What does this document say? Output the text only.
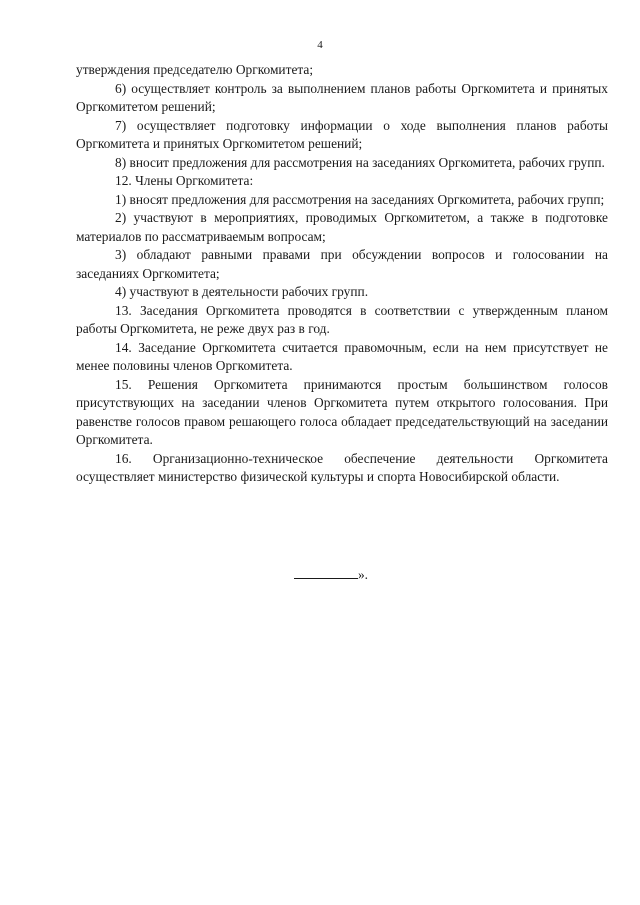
4

утверждения председателю Оргкомитета;

6) осуществляет контроль за выполнением планов работы Оргкомитета и принятых Оргкомитетом решений;

7) осуществляет подготовку информации о ходе выполнения планов работы Оргкомитета и принятых Оргкомитетом решений;

8) вносит предложения для рассмотрения на заседаниях Оргкомитета, рабочих групп.

12. Члены Оргкомитета:

1) вносят предложения для рассмотрения на заседаниях Оргкомитета, рабочих групп;

2) участвуют в мероприятиях, проводимых Оргкомитетом, а также в подготовке материалов по рассматриваемым вопросам;

3) обладают равными правами при обсуждении вопросов и голосовании на заседаниях Оргкомитета;

4) участвуют в деятельности рабочих групп.

13. Заседания Оргкомитета проводятся в соответствии с утвержденным планом работы Оргкомитета, не реже двух раз в год.

14. Заседание Оргкомитета считается правомочным, если на нем присутствует не менее половины членов Оргкомитета.

15. Решения Оргкомитета принимаются простым большинством голосов присутствующих на заседании членов Оргкомитета путем открытого голосования. При равенстве голосов правом решающего голоса обладает председательствующий на заседании Оргкомитета.

16. Организационно-техническое обеспечение деятельности Оргкомитета осуществляет министерство физической культуры и спорта Новосибирской области.

».
